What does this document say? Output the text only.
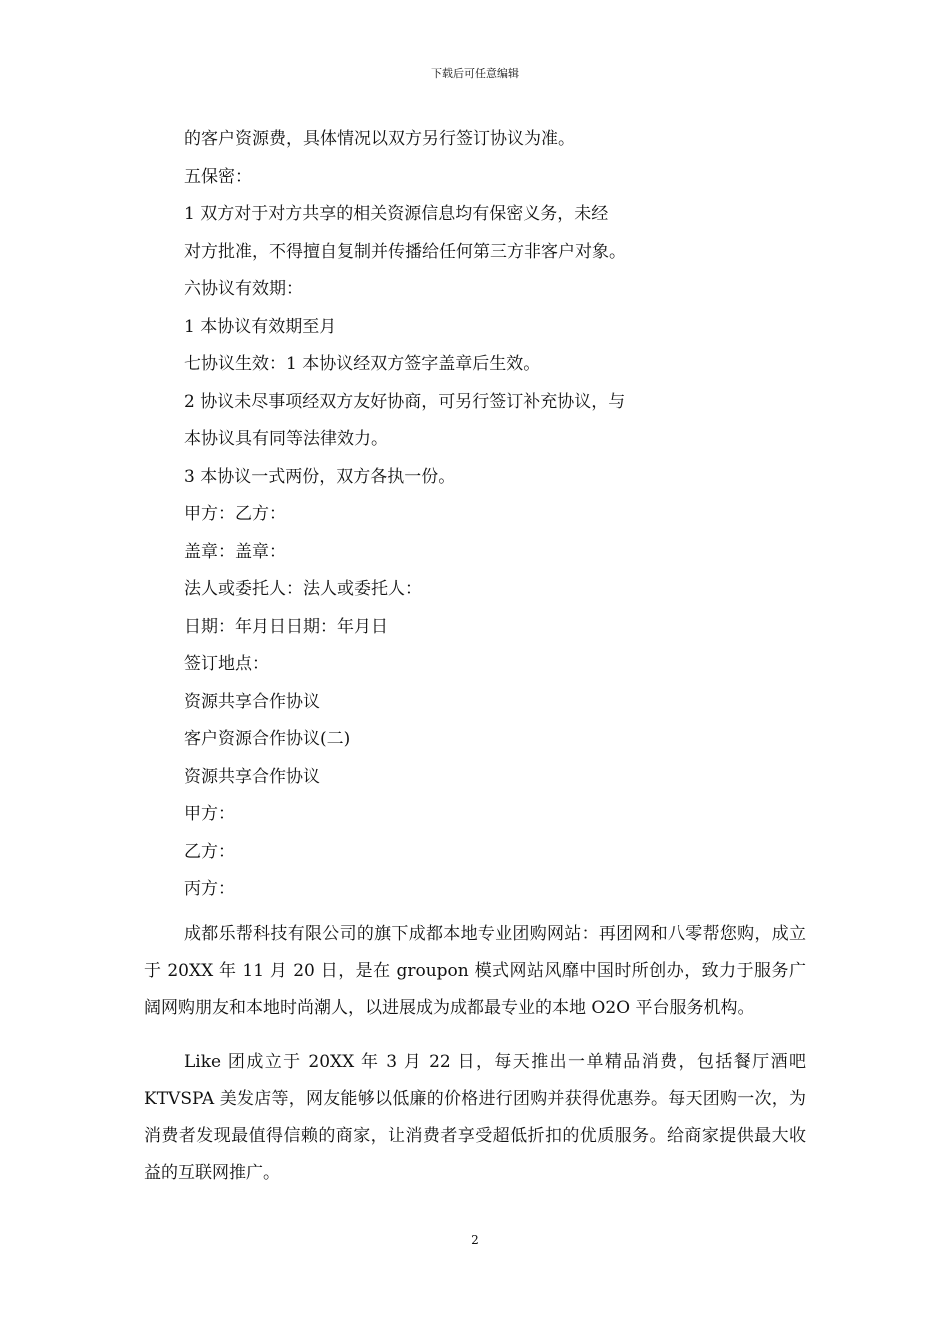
下载后可任意编辑
的客户资源费，具体情况以双方另行签订协议为准。
五保密：
1 双方对于对方共享的相关资源信息均有保密义务，未经
对方批准，不得擅自复制并传播给任何第三方非客户对象。
六协议有效期：
1 本协议有效期至月
七协议生效：1 本协议经双方签字盖章后生效。
2 协议未尽事项经双方友好协商，可另行签订补充协议，与
本协议具有同等法律效力。
3 本协议一式两份，双方各执一份。
甲方：乙方：
盖章：盖章：
法人或委托人：法人或委托人：
日期：年月日日期：年月日
签订地点：
资源共享合作协议
客户资源合作协议(二)
资源共享合作协议
甲方：
乙方：
丙方：

成都乐帮科技有限公司的旗下成都本地专业团购网站：再团网和八零帮您购，成立于 20XX 年 11 月 20 日，是在 groupon 模式网站风靡中国时所创办，致力于服务广阔网购朋友和本地时尚潮人，以进展成为成都最专业的本地 O2O 平台服务机构。

Like 团成立于 20XX 年 3 月 22 日，每天推出一单精品消费，包括餐厅酒吧 KTVSPA 美发店等，网友能够以低廉的价格进行团购并获得优惠券。每天团购一次，为消费者发现最值得信赖的商家，让消费者享受超低折扣的优质服务。给商家提供最大收益的互联网推广。

2
